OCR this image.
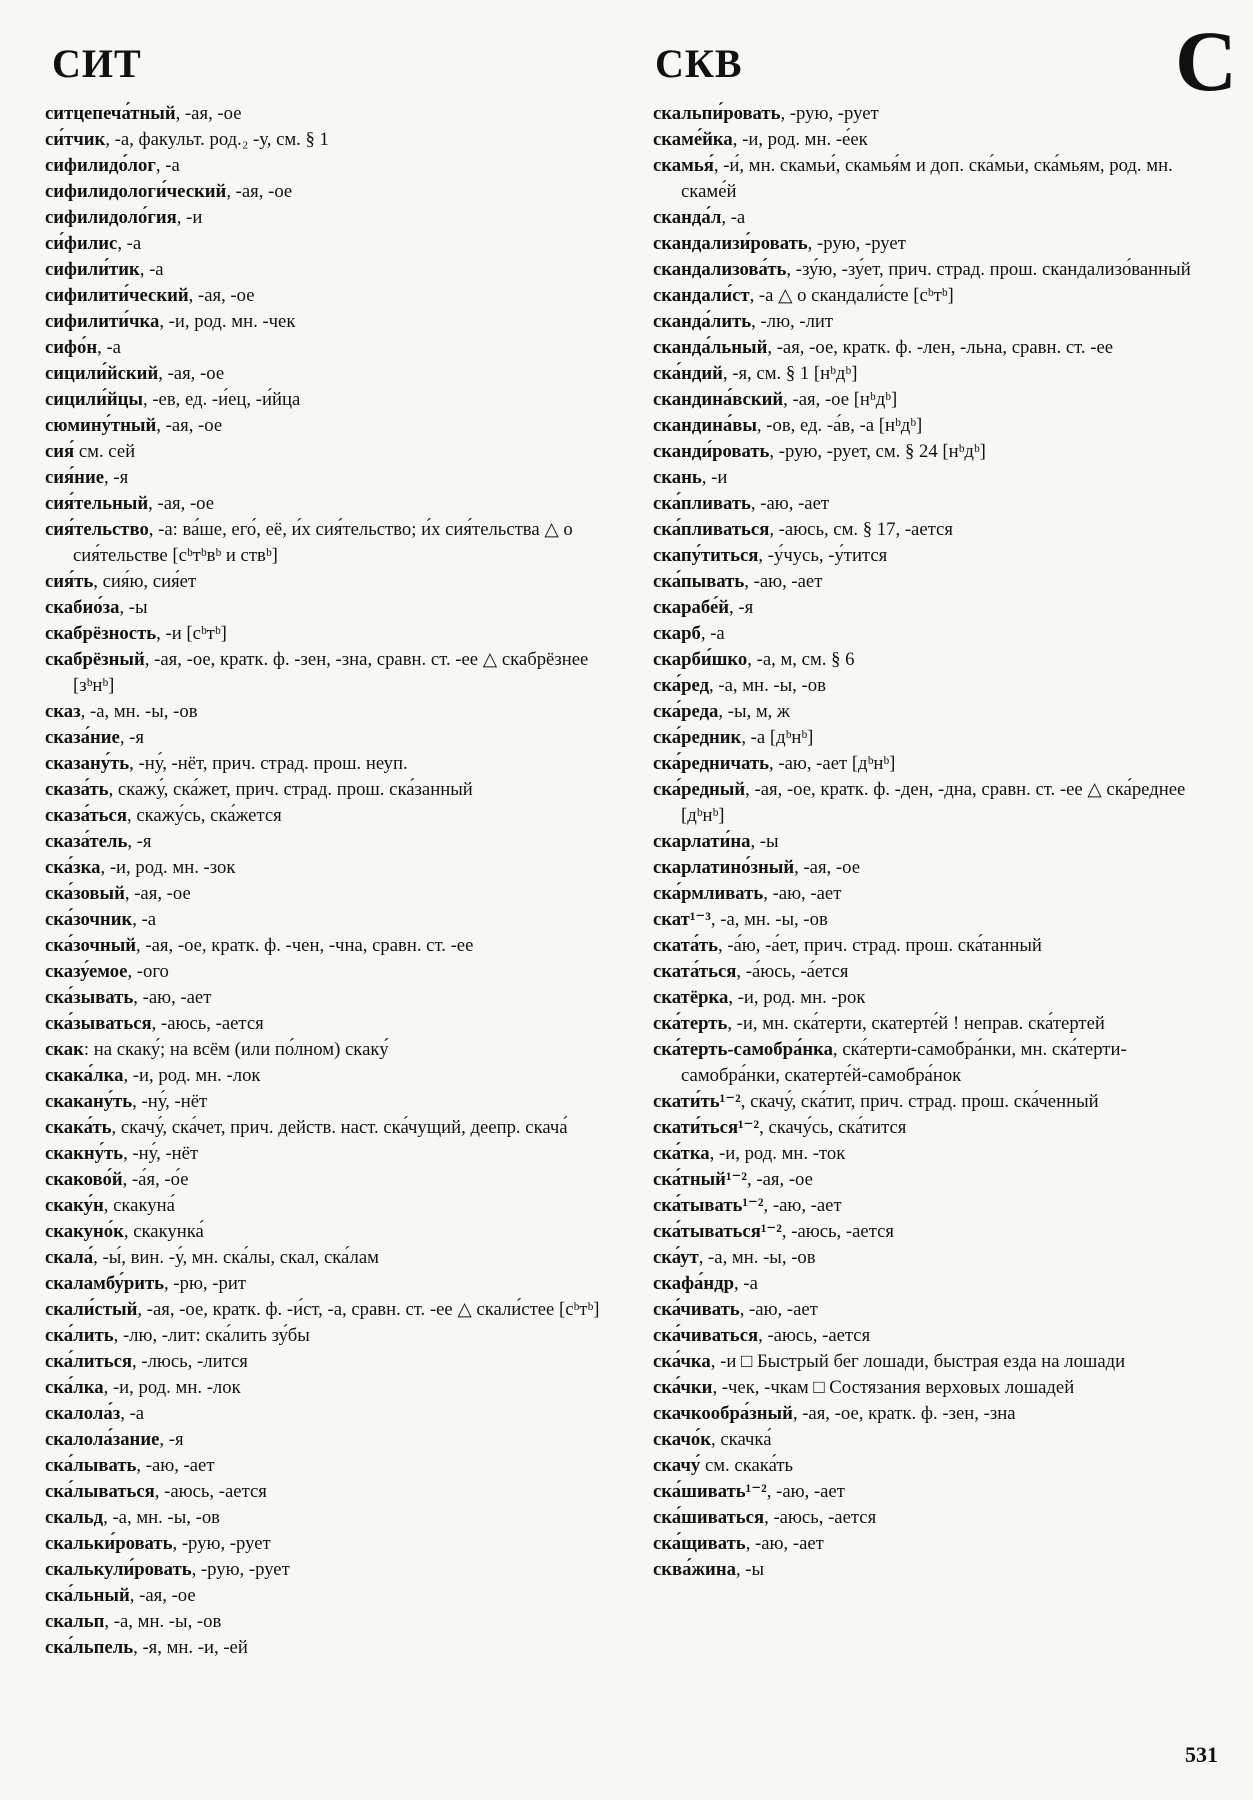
СИТ	СКВ	С
ситцепеча́тный, -ая, -ое
си́тчик, -а, факульт. род.₂ -у, см. § 1
сифилидо́лог, -а
сифилидологи́ческий, -ая, -ое
сифилидоло́гия, -и
си́филис, -а
сифили́тик, -а
сифилити́ческий, -ая, -ое
сифилити́чка, -и, род. мн. -чек
сифо́н, -а
сицили́йский, -ая, -ое
сицили́йцы, -ев, ед. -и́ец, -и́йца
сюмину́тный, -ая, -ое
сия́ см. сей
сия́ние, -я
сия́тельный, -ая, -ое
сия́тельство, -а: ва́ше, его́, её, и́х сия́тельство; и́х сия́тельства △ о сия́тельстве [сᵇтᵇвᵇ и ствᵇ]
сия́ть, сия́ю, сия́ет
скабио́за, -ы
скабрёзность, -и [сᵇтᵇ]
скабрёзный, -ая, -ое, кратк. ф. -зен, -зна, сравн. ст. -ее △ скабрёзнее [зᵇнᵇ]
сказ, -а, мн. -ы, -ов
сказа́ние, -я
сказану́ть, -ну́, -нёт, прич. страд. прош. неуп.
сказа́ть, скажу́, ска́жет, прич. страд. прош. ска́занный
сказа́ться, скажу́сь, ска́жется
сказа́тель, -я
ска́зка, -и, род. мн. -зок
ска́зовый, -ая, -ое
ска́зочник, -а
ска́зочный, -ая, -ое, кратк. ф. -чен, -чна, сравн. ст. -ее
сказу́емое, -ого
ска́зывать, -аю, -ает
ска́зываться, -аюсь, -ается
скак: на скаку́; на всём (или по́лном) скаку́
скака́лка, -и, род. мн. -лок
скакану́ть, -ну́, -нёт
скака́ть, скачу́, ска́чет, прич. действ. наст. ска́чущий, деепр. скача́
скакну́ть, -ну́, -нёт
скаково́й, -а́я, -о́е
скаку́н, скакуна́
скакуно́к, скакунка́
скала́, -ы́, вин. -у́, мн. ска́лы, скал, ска́лам
скаламбу́рить, -рю, -рит
скали́стый, -ая, -ое, кратк. ф. -и́ст, -а, сравн. ст. -ее △ скали́стее [сᵇтᵇ]
ска́лить, -лю, -лит: ска́лить зу́бы
ска́литься, -люсь, -лится
ска́лка, -и, род. мн. -лок
скалола́з, -а
скалола́зание, -я
ска́лывать, -аю, -ает
ска́лываться, -аюсь, -ается
скальд, -а, мн. -ы, -ов
скальки́ровать, -рую, -рует
скалькули́ровать, -рую, -рует
ска́льный, -ая, -ое
скальп, -а, мн. -ы, -ов
ска́льпель, -я, мн. -и, -ей
скальпи́ровать, -рую, -рует
скаме́йка, -и, род. мн. -е́ек
скамья́, -и́, мн. скамьи́, скамья́м и доп. ска́мьи, ска́мьям, род. мн. скаме́й
сканда́л, -а
скандализи́ровать, -рую, -рует
скандализова́ть, -зу́ю, -зу́ет, прич. страд. прош. скандализо́ванный
скандали́ст, -а △ о скандали́сте [сᵇтᵇ]
сканда́лить, -лю, -лит
сканда́льный, -ая, -ое, кратк. ф. -лен, -льна, сравн. ст. -ее
ска́ндий, -я, см. § 1 [нᵇдᵇ]
скандина́вский, -ая, -ое [нᵇдᵇ]
скандина́вы, -ов, ед. -а́в, -а [нᵇдᵇ]
сканди́ровать, -рую, -рует, см. § 24 [нᵇдᵇ]
скань, -и
ска́пливать, -аю, -ает
ска́пливаться, -аюсь, см. § 17, -ается
скапу́титься, -у́чусь, -у́тится
ска́пывать, -аю, -ает
скарабе́й, -я
скарб, -а
скарби́шко, -а, м, см. § 6
ска́ред, -а, мн. -ы, -ов
ска́реда, -ы, м, ж
ска́редник, -а [дᵇнᵇ]
ска́редничать, -аю, -ает [дᵇнᵇ]
ска́редный, -ая, -ое, кратк. ф. -ден, -дна, сравн. ст. -ее △ ска́реднее [дᵇнᵇ]
скарлати́на, -ы
скарлатино́зный, -ая, -ое
ска́рмливать, -аю, -ает
скат¹⁻³, -а, мн. -ы, -ов
ската́ть, -а́ю, -а́ет, прич. страд. прош. ска́танный
ската́ться, -а́юсь, -а́ется
скатёрка, -и, род. мн. -рок
ска́терть, -и, мн. ска́терти, скатерте́й ! неправ. ска́тертей
ска́терть-самобра́нка, ска́терти-самобра́нки, мн. ска́терти-самобра́нки, скатерте́й-самобра́нок
скати́ть¹⁻², скачу́, ска́тит, прич. страд. прош. ска́ченный
скати́ться¹⁻², скачу́сь, ска́тится
ска́тка, -и, род. мн. -ток
ска́тный¹⁻², -ая, -ое
ска́тывать¹⁻², -аю, -ает
ска́тываться¹⁻², -аюсь, -ается
ска́ут, -а, мн. -ы, -ов
скафа́ндр, -а
ска́чивать, -аю, -ает
ска́чиваться, -аюсь, -ается
ска́чка, -и □ Быстрый бег лошади, быстрая езда на лошади
ска́чки, -чек, -чкам □ Состязания верховых лошадей
скачкообра́зный, -ая, -ое, кратк. ф. -зен, -зна
скачо́к, скачка́
скачу́ см. скака́ть
ска́шивать¹⁻², -аю, -ает
ска́шиваться, -аюсь, -ается
ска́щивать, -аю, -ает
сква́жина, -ы
531
